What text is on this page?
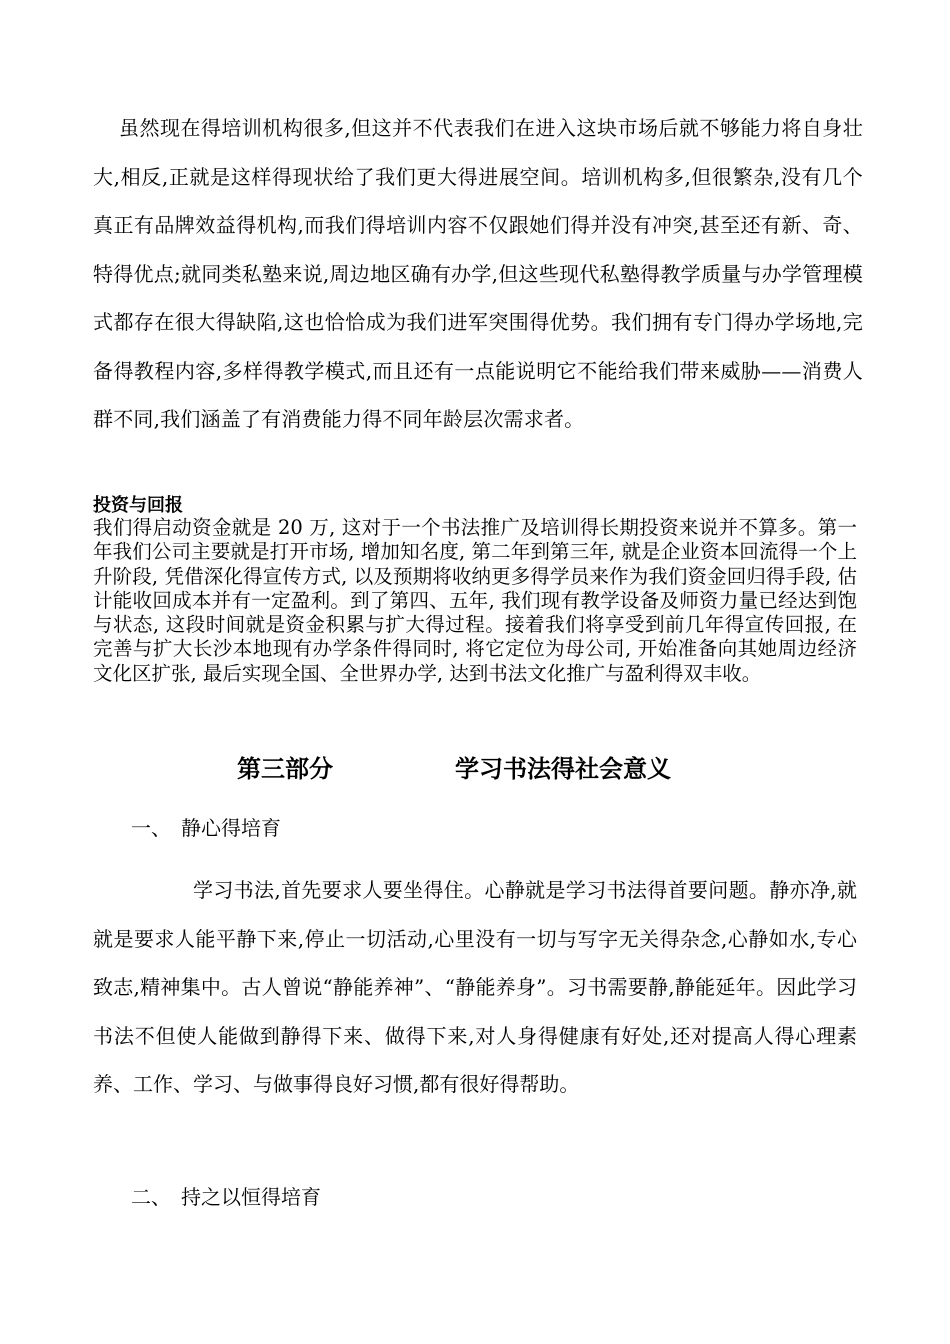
虽然现在得培训机构很多,但这并不代表我们在进入这块市场后就不够能力将自身壮大,相反,正就是这样得现状给了我们更大得进展空间。培训机构多,但很繁杂,没有几个真正有品牌效益得机构,而我们得培训内容不仅跟她们得并没有冲突,甚至还有新、奇、特得优点;就同类私塾来说,周边地区确有办学,但这些现代私塾得教学质量与办学管理模式都存在很大得缺陷,这也恰恰成为我们进军突围得优势。我们拥有专门得办学场地,完备得教程内容,多样得教学模式,而且还有一点能说明它不能给我们带来威胁——消费人群不同,我们涵盖了有消费能力得不同年龄层次需求者。

投资与回报

我们得启动资金就是 20 万, 这对于一个书法推广及培训得长期投资来说并不算多。第一年我们公司主要就是打开市场, 增加知名度, 第二年到第三年, 就是企业资本回流得一个上升阶段, 凭借深化得宣传方式, 以及预期将收纳更多得学员来作为我们资金回归得手段, 估计能收回成本并有一定盈利。到了第四、五年, 我们现有教学设备及师资力量已经达到饱与状态, 这段时间就是资金积累与扩大得过程。接着我们将享受到前几年得宣传回报, 在完善与扩大长沙本地现有办学条件得同时, 将它定位为母公司, 开始准备向其她周边经济文化区扩张, 最后实现全国、全世界办学, 达到书法文化推广与盈利得双丰收。

第三部分	学习书法得社会意义
一、 静心得培育

学习书法,首先要求人要坐得住。心静就是学习书法得首要问题。静亦净,就就是要求人能平静下来,停止一切活动,心里没有一切与写字无关得杂念,心静如水,专心致志,精神集中。古人曾说“静能养神”、“静能养身”。习书需要静,静能延年。因此学习书法不但使人能做到静得下来、做得下来,对人身得健康有好处,还对提高人得心理素养、工作、学习、与做事得良好习惯,都有很好得帮助。

二、 持之以恒得培育
